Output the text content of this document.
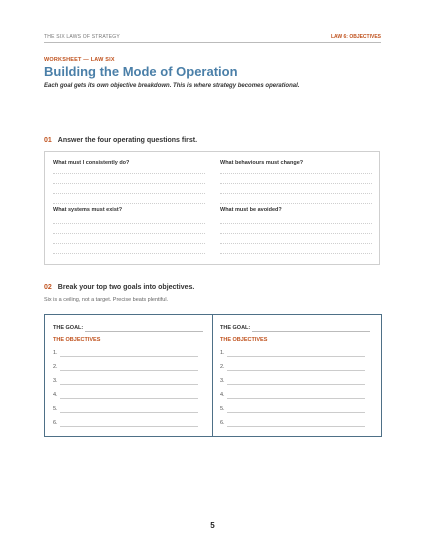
THE SIX LAWS OF STRATEGY	LAW 6: OBJECTIVES
WORKSHEET — LAW SIX
Building the Mode of Operation
Each goal gets its own objective breakdown. This is where strategy becomes operational.
01 Answer the four operating questions first.
What must I consistently do?	What behaviours must change?
What systems must exist?	What must be avoided?
02 Break your top two goals into objectives.
Six is a ceiling, not a target. Precise beats plentiful.
THE GOAL:
THE OBJECTIVES
1.
2.
3.
4.
5.
6.
THE GOAL:
THE OBJECTIVES
1.
2.
3.
4.
5.
6.
5
